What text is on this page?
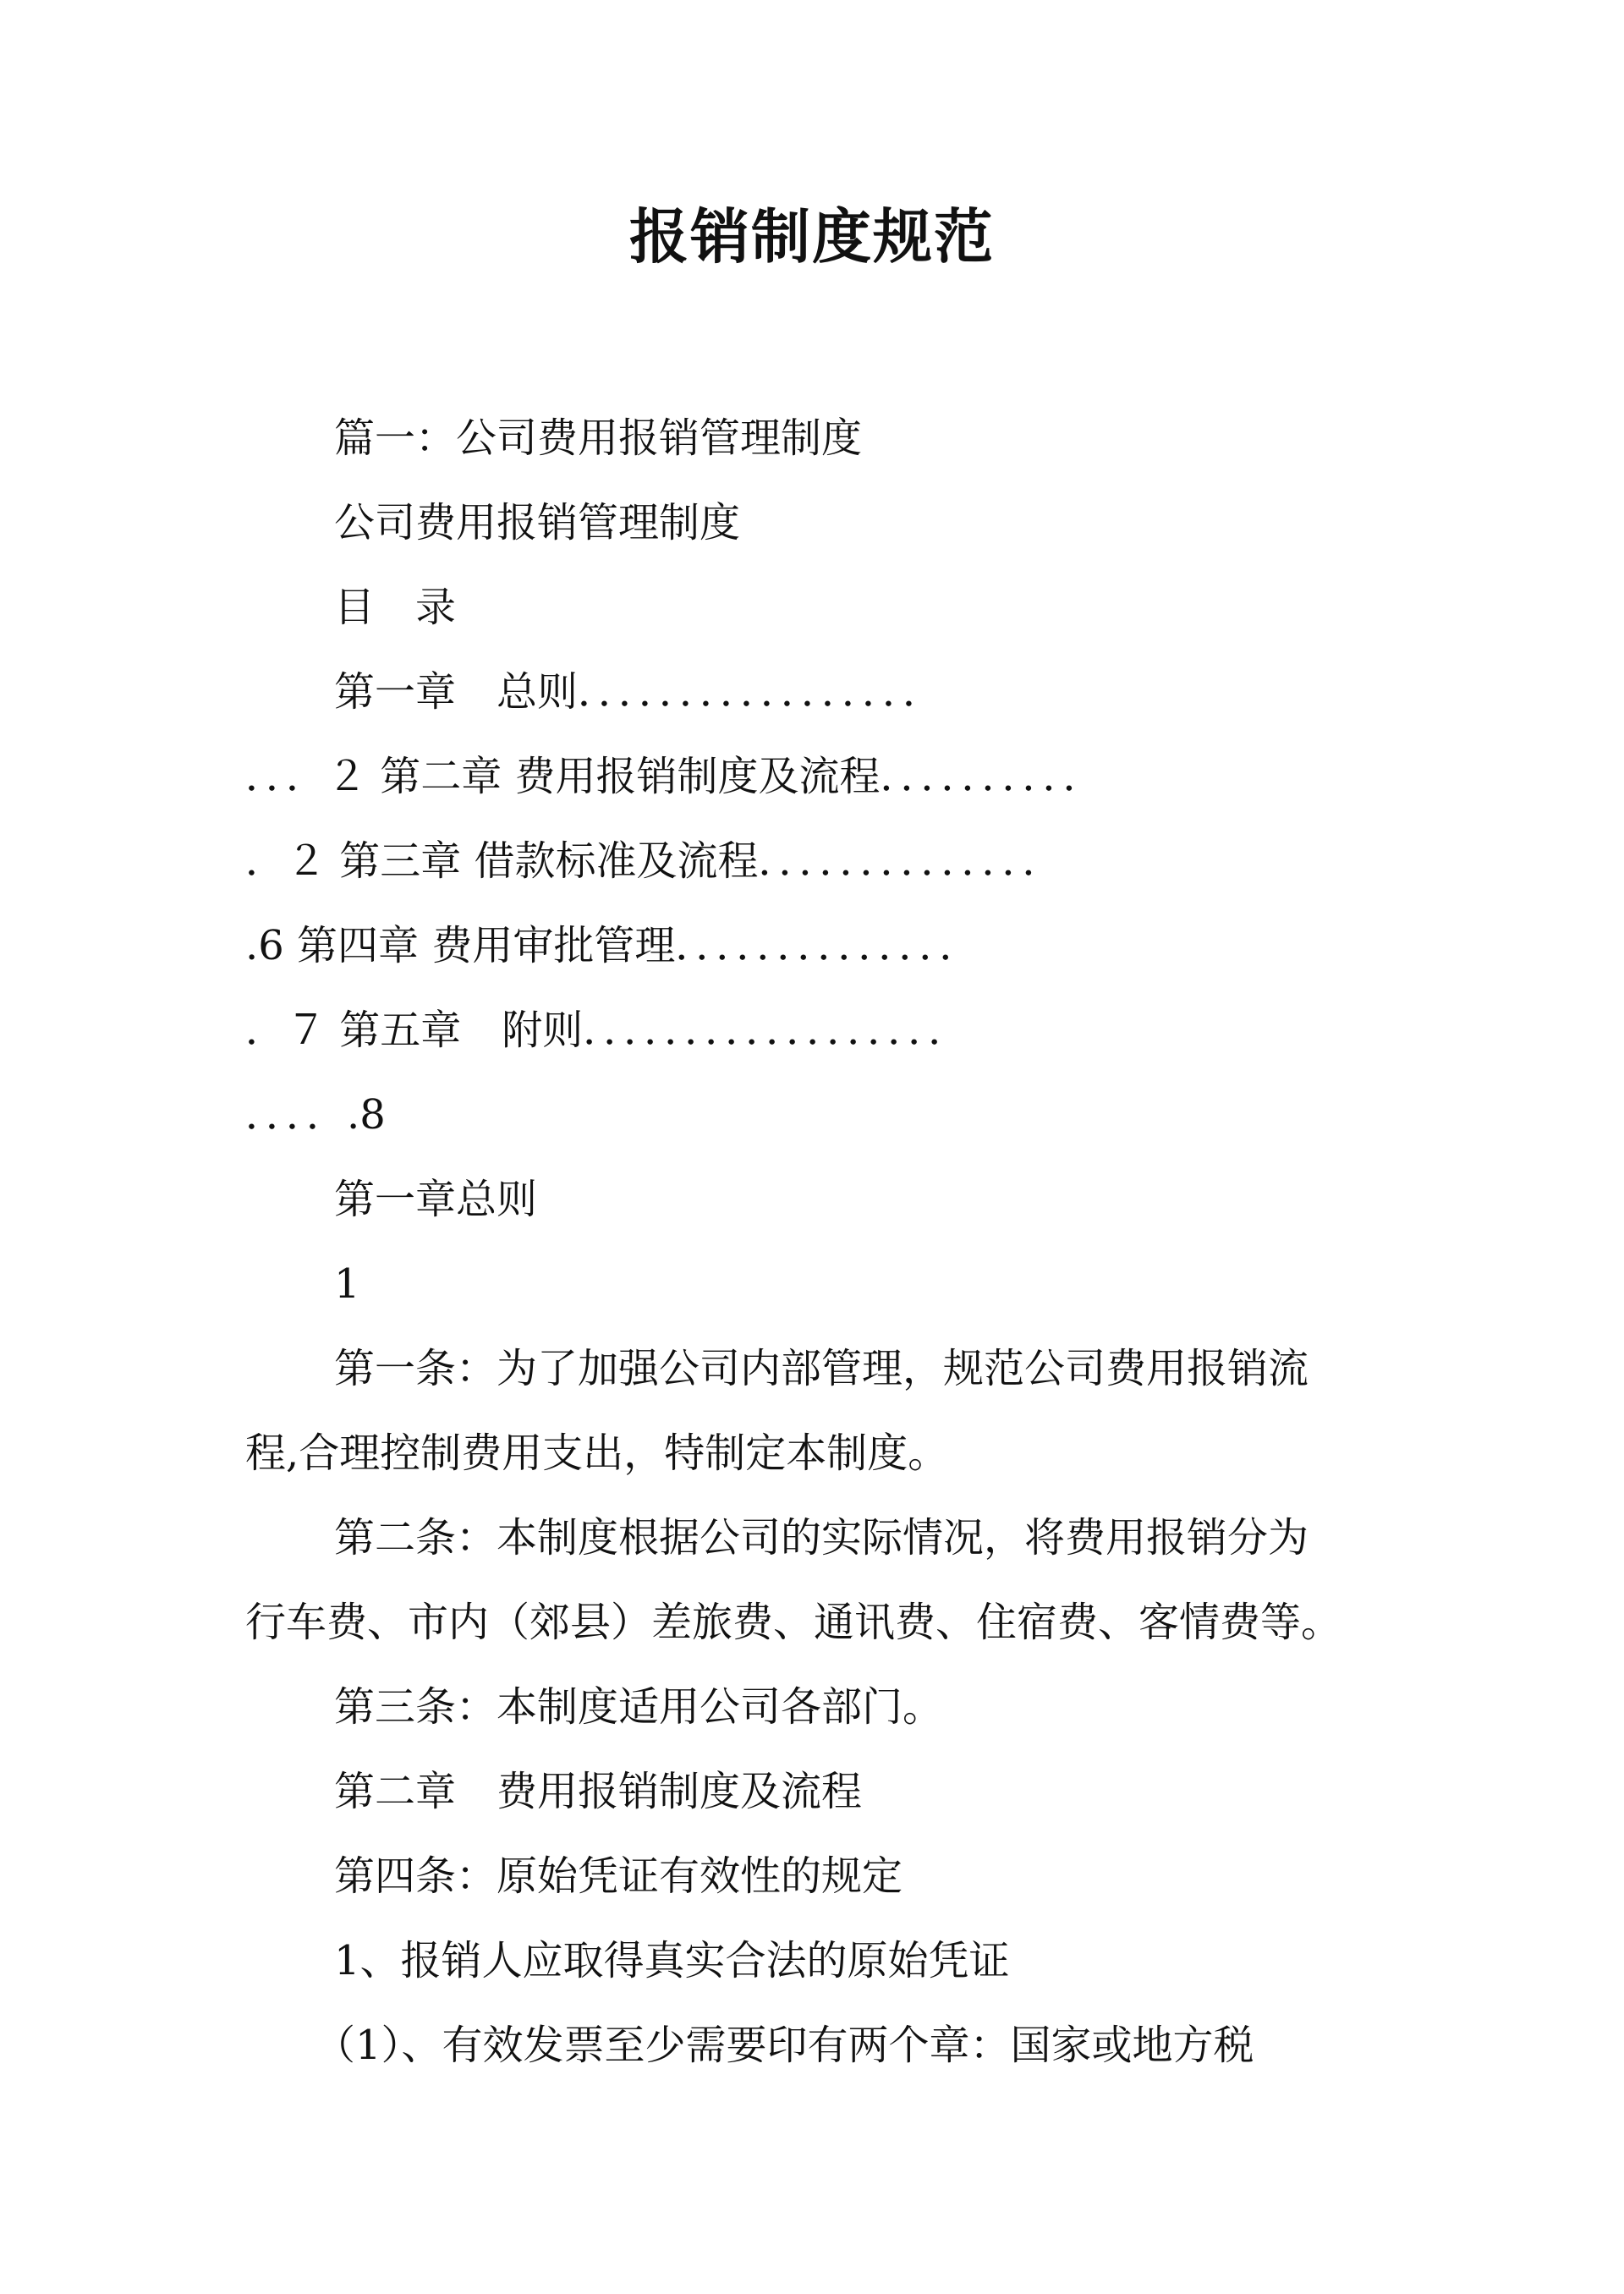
报销制度规范
篇一：公司费用报销管理制度
公司费用报销管理制度
目　录
第一章　总则．．．．．．．．．．．．．．．．．
．．．２ 第二章 费用报销制度及流程．．．．．．．．．．
．２ 第三章 借款标准及流程．．．．．．．．．．．．．．
.6 第四章 费用审批管理．．．．．．．．．．．．．．
．７ 第五章　附则．．．．．．．．．．．．．．．．．．
．．．．.8
第一章总则
1
第一条：为了加强公司内部管理，规范公司费用报销流
程,合理控制费用支出，特制定本制度。
第二条：本制度根据公司的实际情况，将费用报销分为
行车费、市内（郊县）差旅费、通讯费、住宿费、客情费等。
第三条：本制度适用公司各部门。
第二章　费用报销制度及流程
第四条：原始凭证有效性的规定
1、报销人应取得真实合法的原始凭证
（1）、有效发票至少需要印有两个章：国家或地方税
